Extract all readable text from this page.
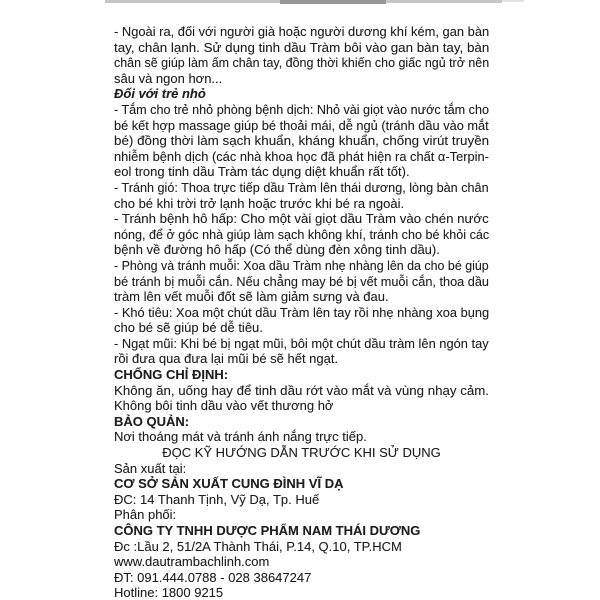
- Ngoài ra, đối với người già hoặc người dương khí kém, gan bàn
tay, chân lạnh. Sử dụng tinh dầu Tràm bôi vào gan bàn tay, bàn
chân sẽ giúp làm ấm chân tay, đồng thời khiến cho giấc ngủ trở nên
sâu và ngon hơn...
Đối với trẻ nhỏ
- Tắm cho trẻ nhỏ phòng bệnh dịch: Nhỏ vài giọt vào nước tắm cho
bé kết hợp massage giúp bé thoải mái, dễ ngủ (tránh dầu vào mắt
bé) đồng thời làm sạch khuẩn, kháng khuẩn, chống virút truyền
nhiễm bệnh dịch (các nhà khoa học đã phát hiện ra chất α-Terpin-
eol trong tinh dầu Tràm tác dụng diệt khuẩn rất tốt).
- Tránh gió: Thoa trực tiếp dầu Tràm lên thái dương, lòng bàn chân
cho bé khi trời trở lạnh hoặc trước khi bé ra ngoài.
- Tránh bệnh hô hấp: Cho một vài giọt dầu Tràm vào chén nước
nóng, để ở góc nhà giúp làm sạch không khí, tránh cho bé khỏi các
bệnh về đường hô hấp (Có thể dùng đèn xông tinh dầu).
- Phòng và tránh muỗi: Xoa dầu Tràm nhẹ nhàng lên da cho bé giúp
bé tránh bị muỗi cắn. Nếu chẳng may bé bị vết muỗi cắn, thoa dầu
tràm lên vết muỗi đốt sẽ làm giảm sưng và đau.
- Khó tiêu: Xoa một chút dầu Tràm lên tay rồi nhẹ nhàng xoa bụng
cho bé sẽ giúp bé dễ tiêu.
- Ngạt mũi: Khi bé bị ngạt mũi, bôi một chút dầu tràm lên ngón tay
rồi đưa qua đưa lại mũi bé sẽ hết ngạt.
CHỐNG CHỈ ĐỊNH:
Không ăn, uống hay để tinh dầu rớt vào mắt và vùng nhạy cảm.
Không bôi tinh dầu vào vết thương hở
BẢO QUẢN:
Nơi thoáng mát và tránh ánh nắng trực tiếp.
ĐỌC KỸ HƯỚNG DẪN TRƯỚC KHI SỬ DỤNG
Sản xuất tại:
CƠ SỞ SẢN XUẤT CUNG ĐÌNH VĨ DẠ
ĐC: 14 Thanh Tịnh, Vỹ Dạ, Tp. Huế
Phân phối:
CÔNG TY TNHH DƯỢC PHẨM NAM THÁI DƯƠNG
Đc :Lầu 2, 51/2A Thành Thái, P.14, Q.10, TP.HCM
www.dautrambachlinh.com
ĐT: 091.444.0788 - 028 38647247
Hotline: 1800 9215
